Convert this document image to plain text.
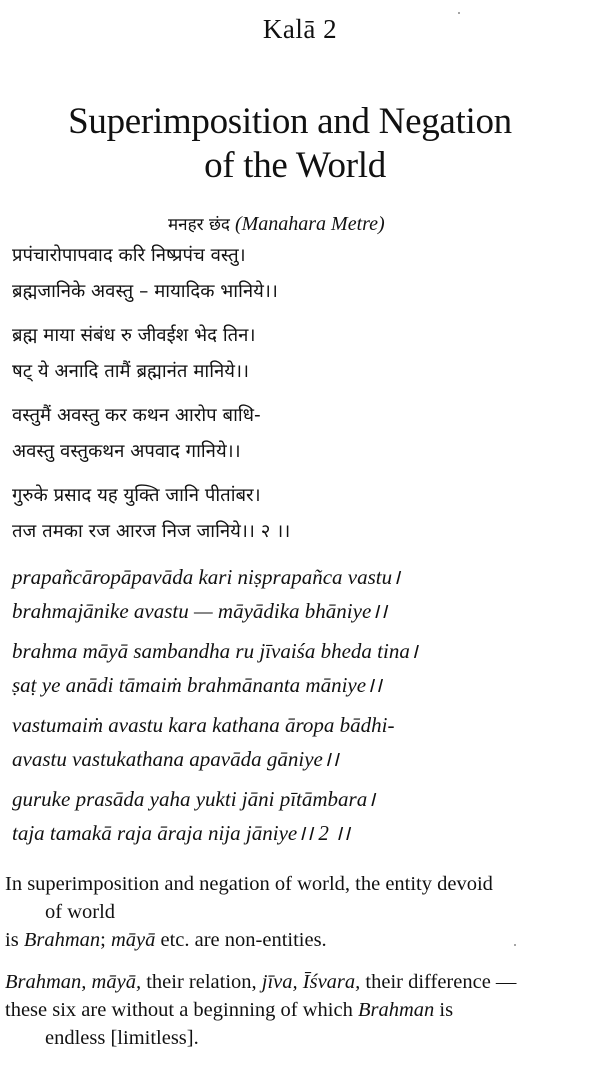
Kalā 2
Superimposition and Negation
of the World
मनहर छंद (Manahara Metre)
प्रपंचारोपापवाद करि निष्प्रपंच वस्तु।
ब्रह्मजानिके अवस्तु – मायादिक भानिये।।
ब्रह्म माया संबंध रु जीवईश भेद तिन।
षट् ये अनादि तामैं ब्रह्मानंत मानिये।।
वस्तुमैं अवस्तु कर कथन आरोप बाधि-
अवस्तु वस्तुकथन अपवाद गानिये।।
गुरुके प्रसाद यह युक्ति जानि पीतांबर।
तज तमका रज आरज निज जानिये।। २ ।।
prapañcāropāpavāda kari niṣprapañca vastu।
brahmajānike avastu — māyādika bhāniye।।
brahma māyā sambandha ru jīvaiśa bheda tina।
ṣaṭ ye anādi tāmaiṁ brahmānanta māniye।।
vastumaiṁ avastu kara kathana āropa bādhi-
avastu vastukathana apavāda gāniye।।
guruke prasāda yaha yukti jāni pītāmbara।
taja tamakā raja āraja nija jāniye।। 2 ।।
In superimposition and negation of world, the entity devoid
of world
is Brahman; māyā etc. are non-entities.
Brahman, māyā, their relation, jīva, Īśvara, their difference —
these six are without a beginning of which Brahman is
endless [limitless].
